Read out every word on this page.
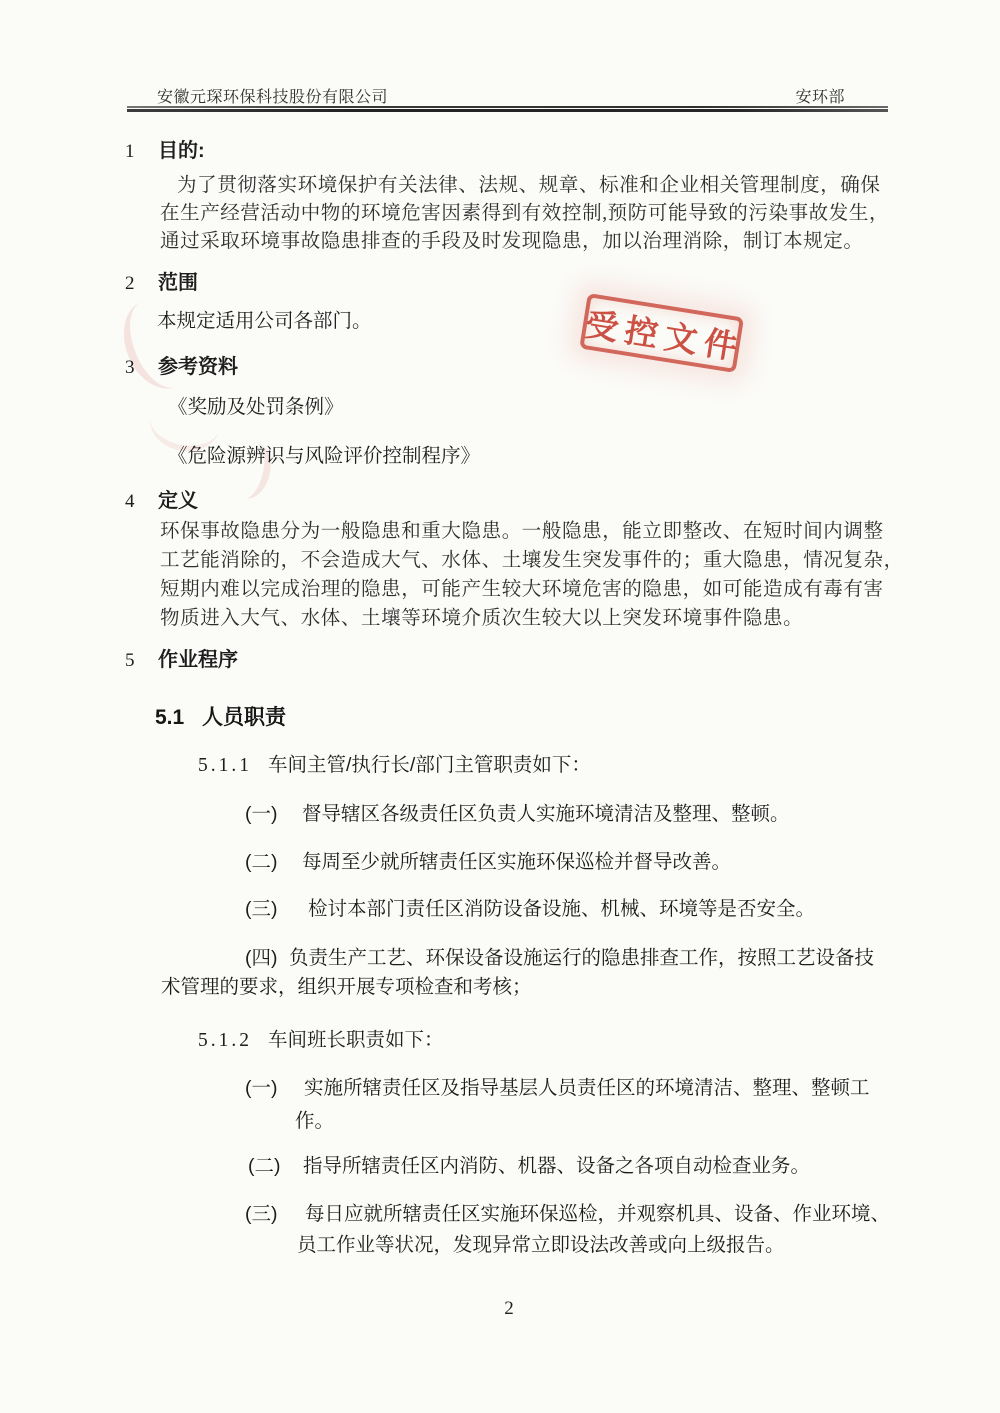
安徽元琛环保科技股份有限公司	安环部
1 目的:
为了贯彻落实环境保护有关法律、法规、规章、标准和企业相关管理制度，确保
在生产经营活动中物的环境危害因素得到有效控制,预防可能导致的污染事故发生，
通过采取环境事故隐患排查的手段及时发现隐患，加以治理消除，制订本规定。
2 范围
本规定适用公司各部门。	受控文件
3 参考资料
《奖励及处罚条例》
《危险源辨识与风险评价控制程序》
4 定义
环保事故隐患分为一般隐患和重大隐患。一般隐患，能立即整改、在短时间内调整
工艺能消除的，不会造成大气、水体、土壤发生突发事件的；重大隐患，情况复杂，
短期内难以完成治理的隐患，可能产生较大环境危害的隐患，如可能造成有毒有害
物质进入大气、水体、土壤等环境介质次生较大以上突发环境事件隐患。
5 作业程序
5.1 人员职责
5.1.1 车间主管/执行长/部门主管职责如下：
(一) 督导辖区各级责任区负责人实施环境清洁及整理、整顿。
(二) 每周至少就所辖责任区实施环保巡检并督导改善。
(三) 检讨本部门责任区消防设备设施、机械、环境等是否安全。
(四) 负责生产工艺、环保设备设施运行的隐患排查工作，按照工艺设备技
术管理的要求，组织开展专项检查和考核；
5.1.2 车间班长职责如下：
(一) 实施所辖责任区及指导基层人员责任区的环境清洁、整理、整顿工
作。
(二) 指导所辖责任区内消防、机器、设备之各项自动检查业务。
(三) 每日应就所辖责任区实施环保巡检，并观察机具、设备、作业环境、
员工作业等状况，发现异常立即设法改善或向上级报告。
2
